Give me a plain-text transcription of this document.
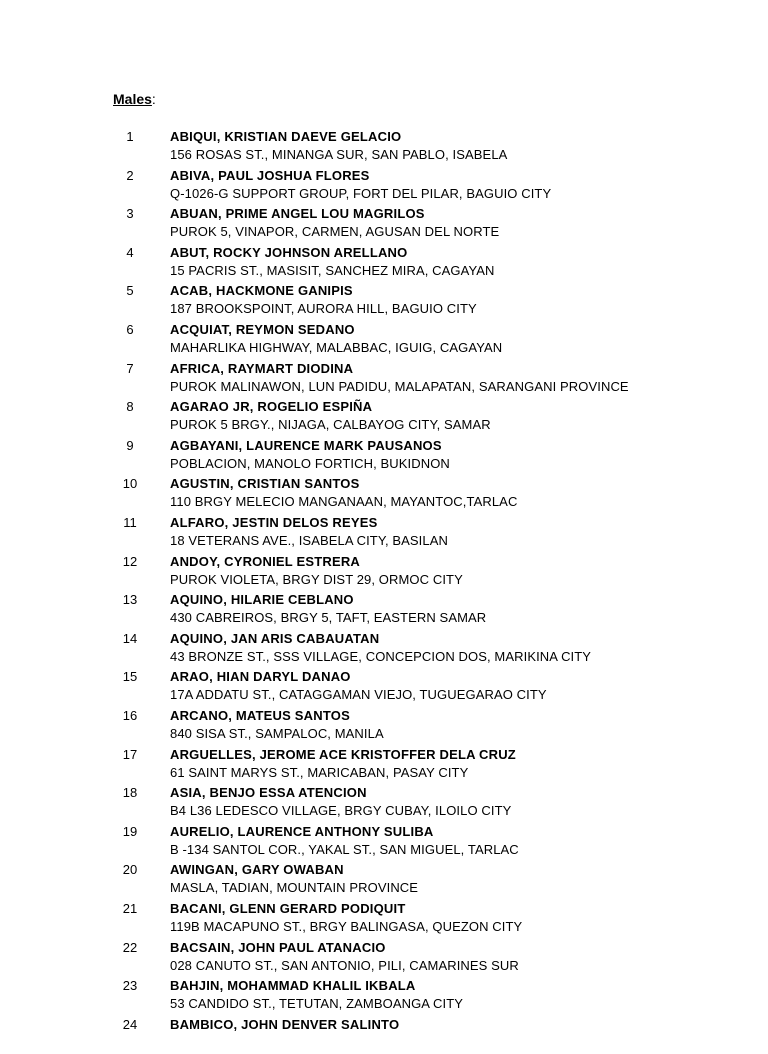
Males:
1	ABIQUI, KRISTIAN DAEVE GELACIO
156 ROSAS ST., MINANGA SUR, SAN PABLO, ISABELA
2	ABIVA, PAUL JOSHUA FLORES
Q-1026-G SUPPORT GROUP, FORT DEL PILAR, BAGUIO CITY
3	ABUAN, PRIME ANGEL LOU MAGRILOS
PUROK 5, VINAPOR, CARMEN, AGUSAN DEL NORTE
4	ABUT, ROCKY JOHNSON ARELLANO
15 PACRIS ST., MASISIT, SANCHEZ MIRA, CAGAYAN
5	ACAB, HACKMONE GANIPIS
187 BROOKSPOINT, AURORA HILL, BAGUIO CITY
6	ACQUIAT, REYMON SEDANO
MAHARLIKA HIGHWAY, MALABBAC, IGUIG, CAGAYAN
7	AFRICA, RAYMART DIODINA
PUROK MALINAWON, LUN PADIDU, MALAPATAN, SARANGANI PROVINCE
8	AGARAO JR, ROGELIO ESPIÑA
PUROK 5 BRGY., NIJAGA, CALBAYOG CITY, SAMAR
9	AGBAYANI, LAURENCE MARK PAUSANOS
POBLACION, MANOLO FORTICH, BUKIDNON
10	AGUSTIN, CRISTIAN SANTOS
110 BRGY MELECIO MANGANAAN, MAYANTOC,TARLAC
11	ALFARO, JESTIN DELOS REYES
18 VETERANS AVE., ISABELA CITY, BASILAN
12	ANDOY, CYRONIEL ESTRERA
PUROK VIOLETA, BRGY DIST 29, ORMOC CITY
13	AQUINO, HILARIE CEBLANO
430 CABREIROS, BRGY 5, TAFT, EASTERN SAMAR
14	AQUINO, JAN ARIS CABAUATAN
43 BRONZE ST., SSS VILLAGE, CONCEPCION DOS, MARIKINA CITY
15	ARAO, HIAN DARYL DANAO
17A ADDATU ST., CATAGGAMAN VIEJO, TUGUEGARAO CITY
16	ARCANO, MATEUS SANTOS
840 SISA ST., SAMPALOC, MANILA
17	ARGUELLES, JEROME ACE KRISTOFFER DELA CRUZ
61 SAINT MARYS ST., MARICABAN, PASAY CITY
18	ASIA, BENJO ESSA ATENCION
B4 L36 LEDESCO VILLAGE, BRGY CUBAY, ILOILO CITY
19	AURELIO, LAURENCE ANTHONY SULIBA
B -134 SANTOL COR., YAKAL ST., SAN MIGUEL, TARLAC
20	AWINGAN, GARY OWABAN
MASLA, TADIAN, MOUNTAIN PROVINCE
21	BACANI, GLENN GERARD PODIQUIT
119B MACAPUNO ST., BRGY BALINGASA, QUEZON CITY
22	BACSAIN, JOHN PAUL ATANACIO
028 CANUTO ST., SAN ANTONIO, PILI, CAMARINES SUR
23	BAHJIN, MOHAMMAD KHALIL IKBALA
53 CANDIDO ST., TETUTAN, ZAMBOANGA CITY
24	BAMBICO, JOHN DENVER SALINTO
